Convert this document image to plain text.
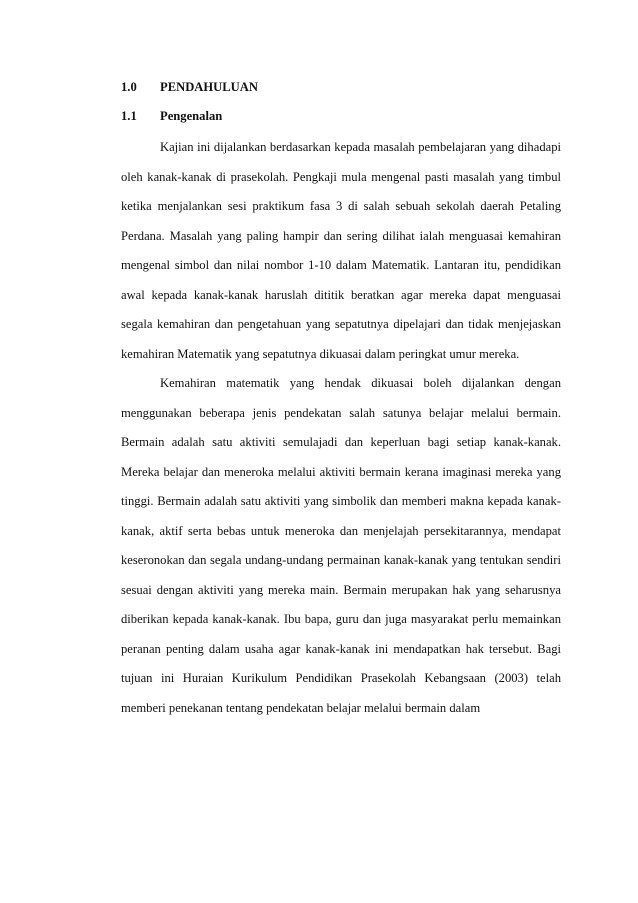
1.0 PENDAHULUAN
1.1 Pengenalan

Kajian ini dijalankan berdasarkan kepada masalah pembelajaran yang dihadapi oleh kanak-kanak di prasekolah. Pengkaji mula mengenal pasti masalah yang timbul ketika menjalankan sesi praktikum fasa 3 di salah sebuah sekolah daerah Petaling Perdana. Masalah yang paling hampir dan sering dilihat ialah menguasai kemahiran mengenal simbol dan nilai nombor 1-10 dalam Matematik. Lantaran itu, pendidikan awal kepada kanak-kanak haruslah dititik beratkan agar mereka dapat menguasai segala kemahiran dan pengetahuan yang sepatutnya dipelajari dan tidak menjejaskan kemahiran Matematik yang sepatutnya dikuasai dalam peringkat umur mereka.

Kemahiran matematik yang hendak dikuasai boleh dijalankan dengan menggunakan beberapa jenis pendekatan salah satunya belajar melalui bermain. Bermain adalah satu aktiviti semulajadi dan keperluan bagi setiap kanak-kanak. Mereka belajar dan meneroka melalui aktiviti bermain kerana imaginasi mereka yang tinggi. Bermain adalah satu aktiviti yang simbolik dan memberi makna kepada kanak-kanak, aktif serta bebas untuk meneroka dan menjelajah persekitarannya, mendapat keseronokan dan segala undang-undang permainan kanak-kanak yang tentukan sendiri sesuai dengan aktiviti yang mereka main. Bermain merupakan hak yang seharusnya diberikan kepada kanak-kanak. Ibu bapa, guru dan juga masyarakat perlu memainkan peranan penting dalam usaha agar kanak-kanak ini mendapatkan hak tersebut. Bagi tujuan ini Huraian Kurikulum Pendidikan Prasekolah Kebangsaan (2003) telah memberi penekanan tentang pendekatan belajar melalui bermain dalam
